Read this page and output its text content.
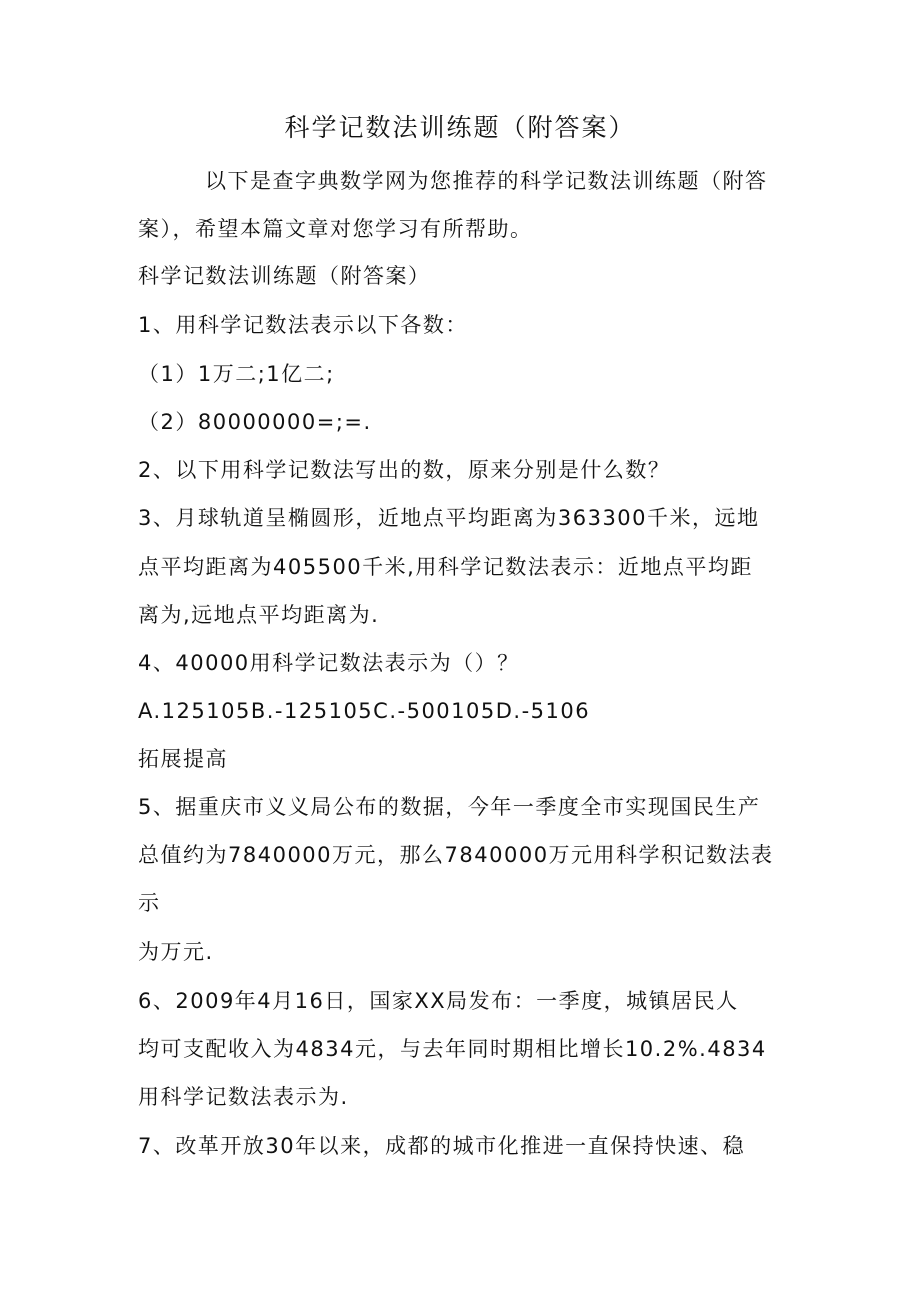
科学记数法训练题（附答案）
以下是查字典数学网为您推荐的科学记数法训练题（附答
案），希望本篇文章对您学习有所帮助。
科学记数法训练题（附答案）
1、用科学记数法表示以下各数：
（1）1万二;1亿二;
（2）80000000=;=.
2、以下用科学记数法写出的数，原来分别是什么数？
3、月球轨道呈椭圆形，近地点平均距离为363300千米，远地
点平均距离为405500千米,用科学记数法表示：近地点平均距
离为,远地点平均距离为.
4、40000用科学记数法表示为（）？
A.125105B.-125105C.-500105D.-5106
拓展提高
5、据重庆市义义局公布的数据，今年一季度全市实现国民生产
总值约为7840000万元，那么7840000万元用科学积记数法表
示
为万元.
6、2009年4月16日，国家XX局发布：一季度，城镇居民人
均可支配收入为4834元，与去年同时期相比增长10.2%.4834
用科学记数法表示为.
7、改革开放30年以来，成都的城市化推进一直保持快速、稳
